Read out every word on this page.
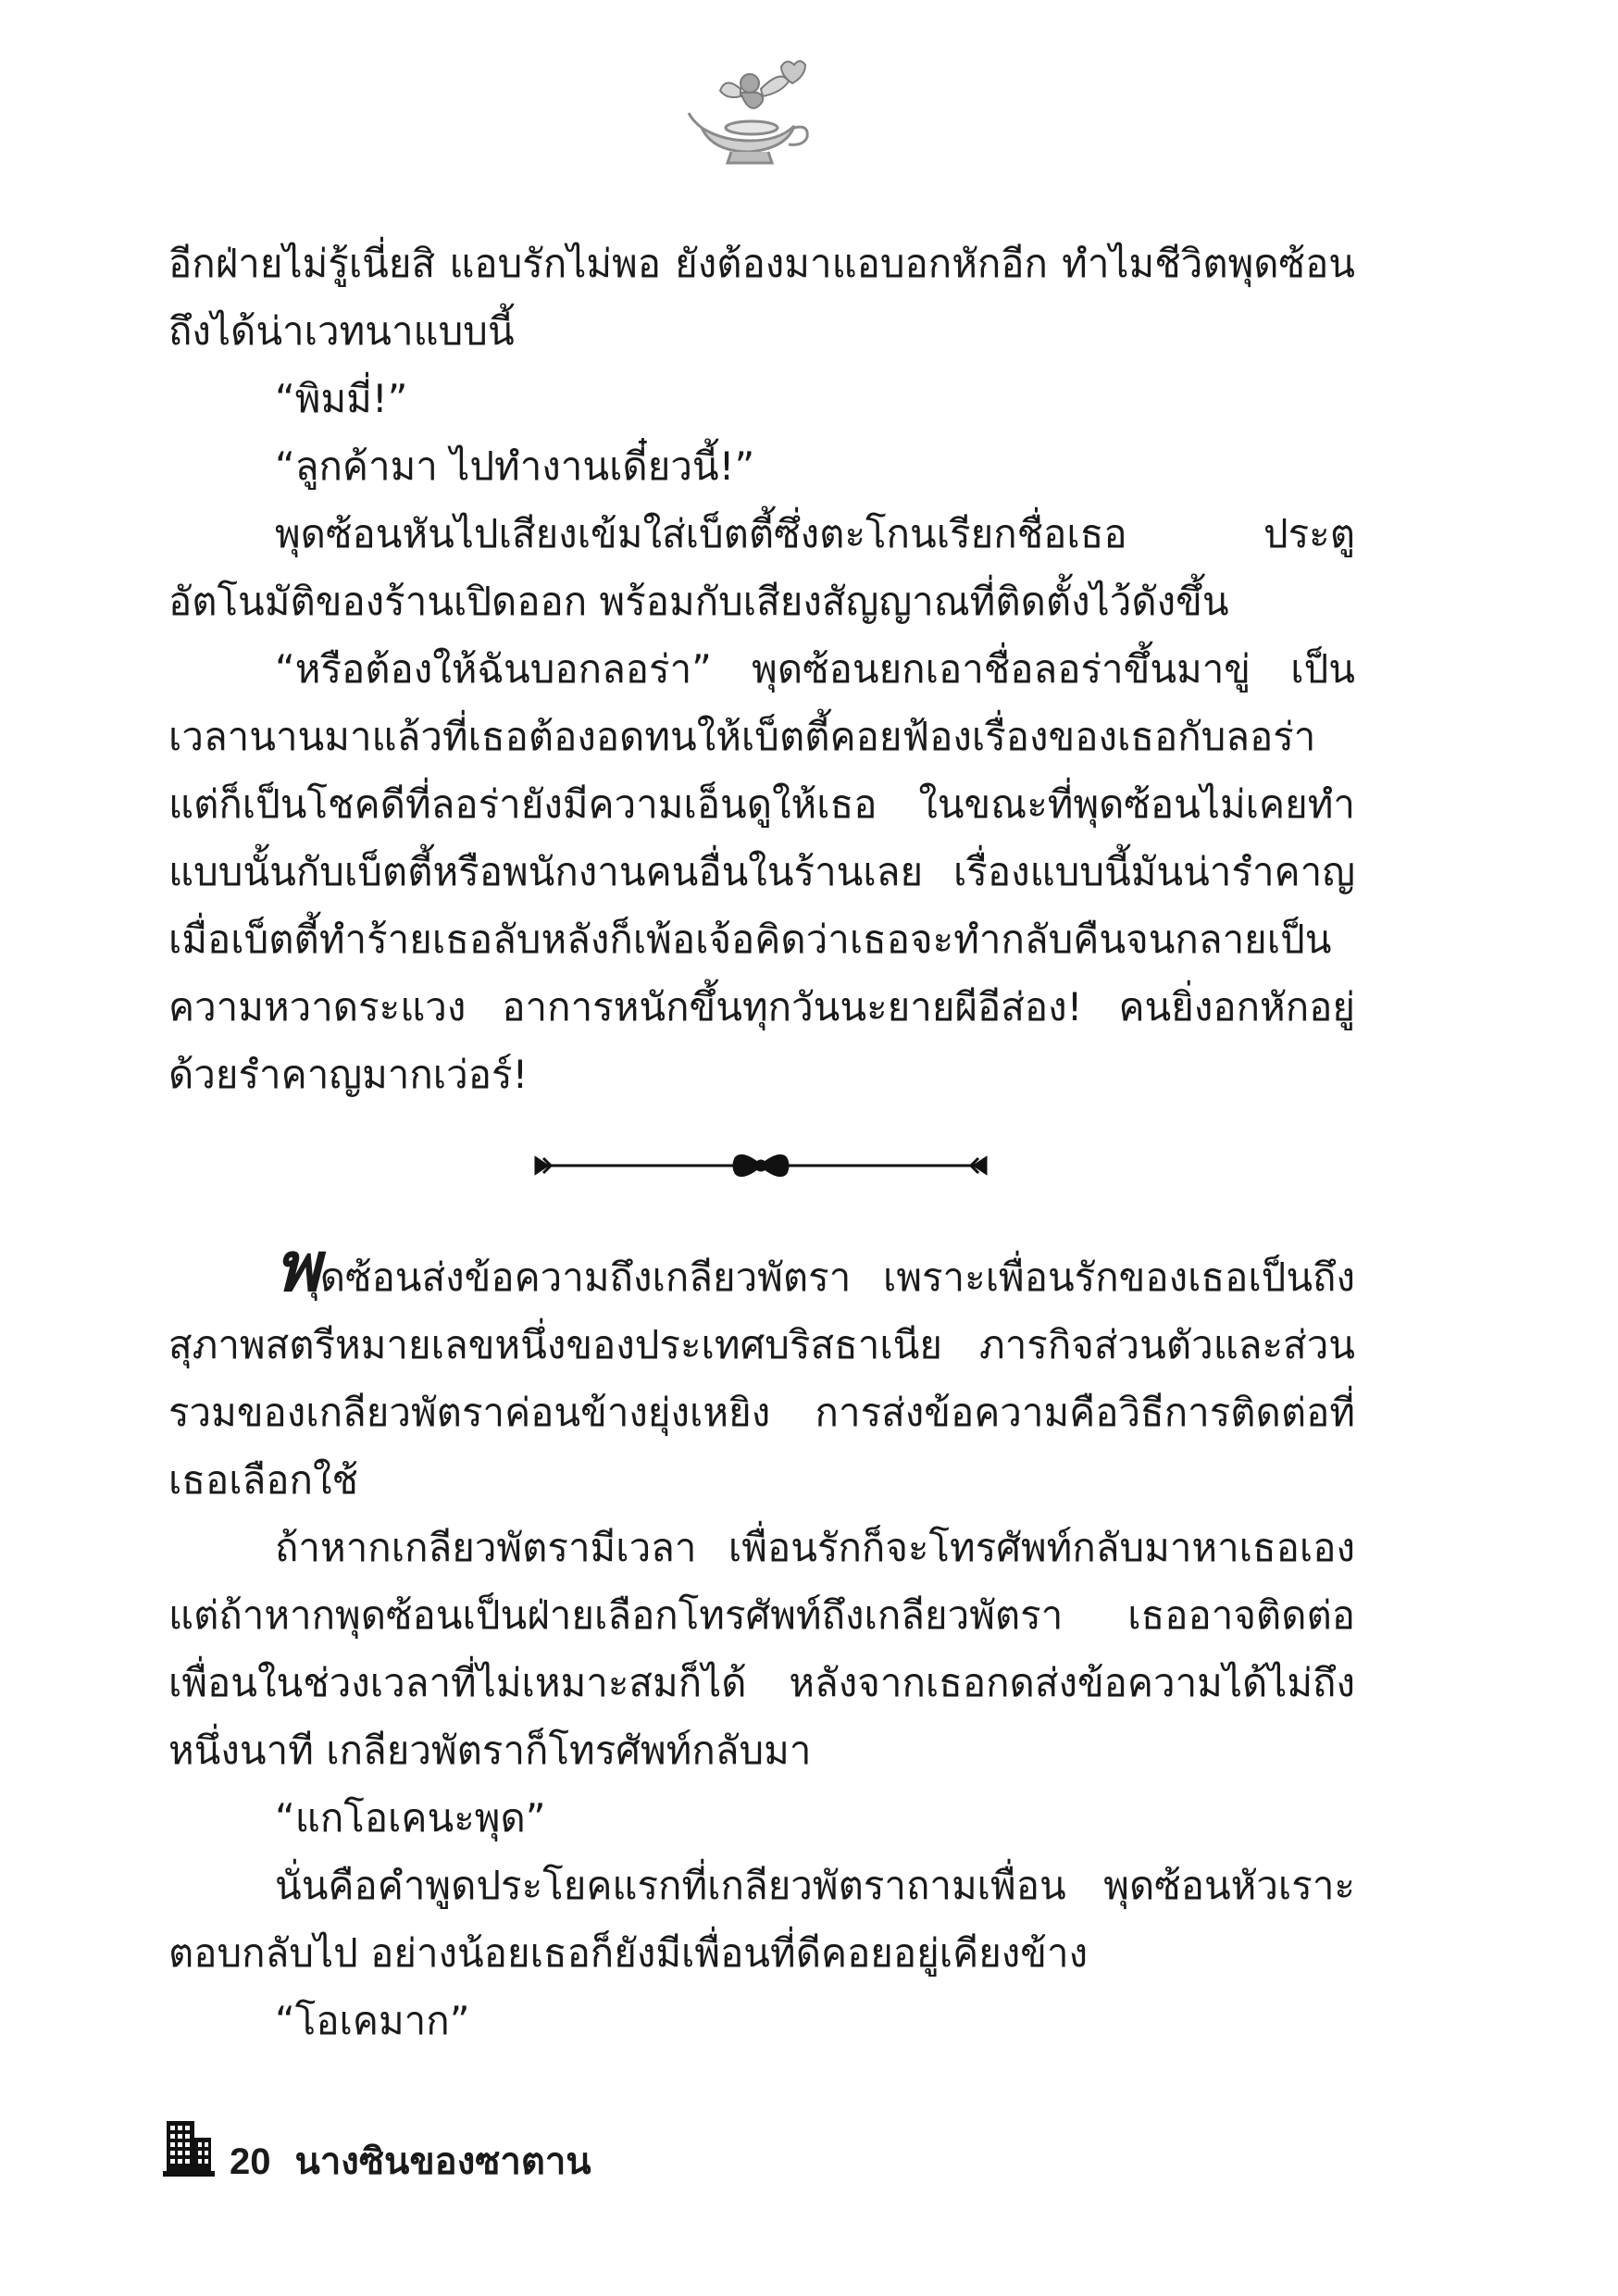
อีกฝ่ายไม่รู้เนี่ยสิ แอบรักไม่พอ ยังต้องมาแอบอกหักอีก ทำไมชีวิตพุดซ้อนถึงได้น่าเวทนาแบบนี้

“พิมมี่!”

“ลูกค้ามา ไปทำงานเดี๋ยวนี้!”

พุดซ้อนหันไปเสียงเข้มใส่เบ็ตตี้ซึ่งตะโกนเรียกชื่อเธอ ประตูอัตโนมัติของร้านเปิดออก พร้อมกับเสียงสัญญาณที่ติดตั้งไว้ดังขึ้น

“หรือต้องให้ฉันบอกลอร่า” พุดซ้อนยกเอาชื่อลอร่าขึ้นมาขู่ เป็นเวลานานมาแล้วที่เธอต้องอดทนให้เบ็ตตี้คอยฟ้องเรื่องของเธอกับลอร่า แต่ก็เป็นโชคดีที่ลอร่ายังมีความเอ็นดูให้เธอ ในขณะที่พุดซ้อนไม่เคยทำแบบนั้นกับเบ็ตตี้หรือพนักงานคนอื่นในร้านเลย เรื่องแบบนี้มันน่ารำคาญ เมื่อเบ็ตตี้ทำร้ายเธอลับหลังก็เพ้อเจ้อคิดว่าเธอจะทำกลับคืนจนกลายเป็นความหวาดระแวง อาการหนักขึ้นทุกวันนะยายผีอีส่อง! คนยิ่งอกหักอยู่ด้วยรำคาญมากเว่อร์!

พุดซ้อนส่งข้อความถึงเกลียวพัตรา เพราะเพื่อนรักของเธอเป็นถึงสุภาพสตรีหมายเลขหนึ่งของประเทศบริสธาเนีย ภารกิจส่วนตัวและส่วนรวมของเกลียวพัตราค่อนข้างยุ่งเหยิง การส่งข้อความคือวิธีการติดต่อที่เธอเลือกใช้

ถ้าหากเกลียวพัตรามีเวลา เพื่อนรักก็จะโทรศัพท์กลับมาหาเธอเอง แต่ถ้าหากพุดซ้อนเป็นฝ่ายเลือกโทรศัพท์ถึงเกลียวพัตรา เธออาจติดต่อเพื่อนในช่วงเวลาที่ไม่เหมาะสมก็ได้ หลังจากเธอกดส่งข้อความได้ไม่ถึงหนึ่งนาที เกลียวพัตราก็โทรศัพท์กลับมา

“แกโอเคนะพุด”

นั่นคือคำพูดประโยคแรกที่เกลียวพัตราถามเพื่อน พุดซ้อนหัวเราะตอบกลับไป อย่างน้อยเธอก็ยังมีเพื่อนที่ดีคอยอยู่เคียงข้าง

“โอเคมาก”

20 นางซินของซาตาน
